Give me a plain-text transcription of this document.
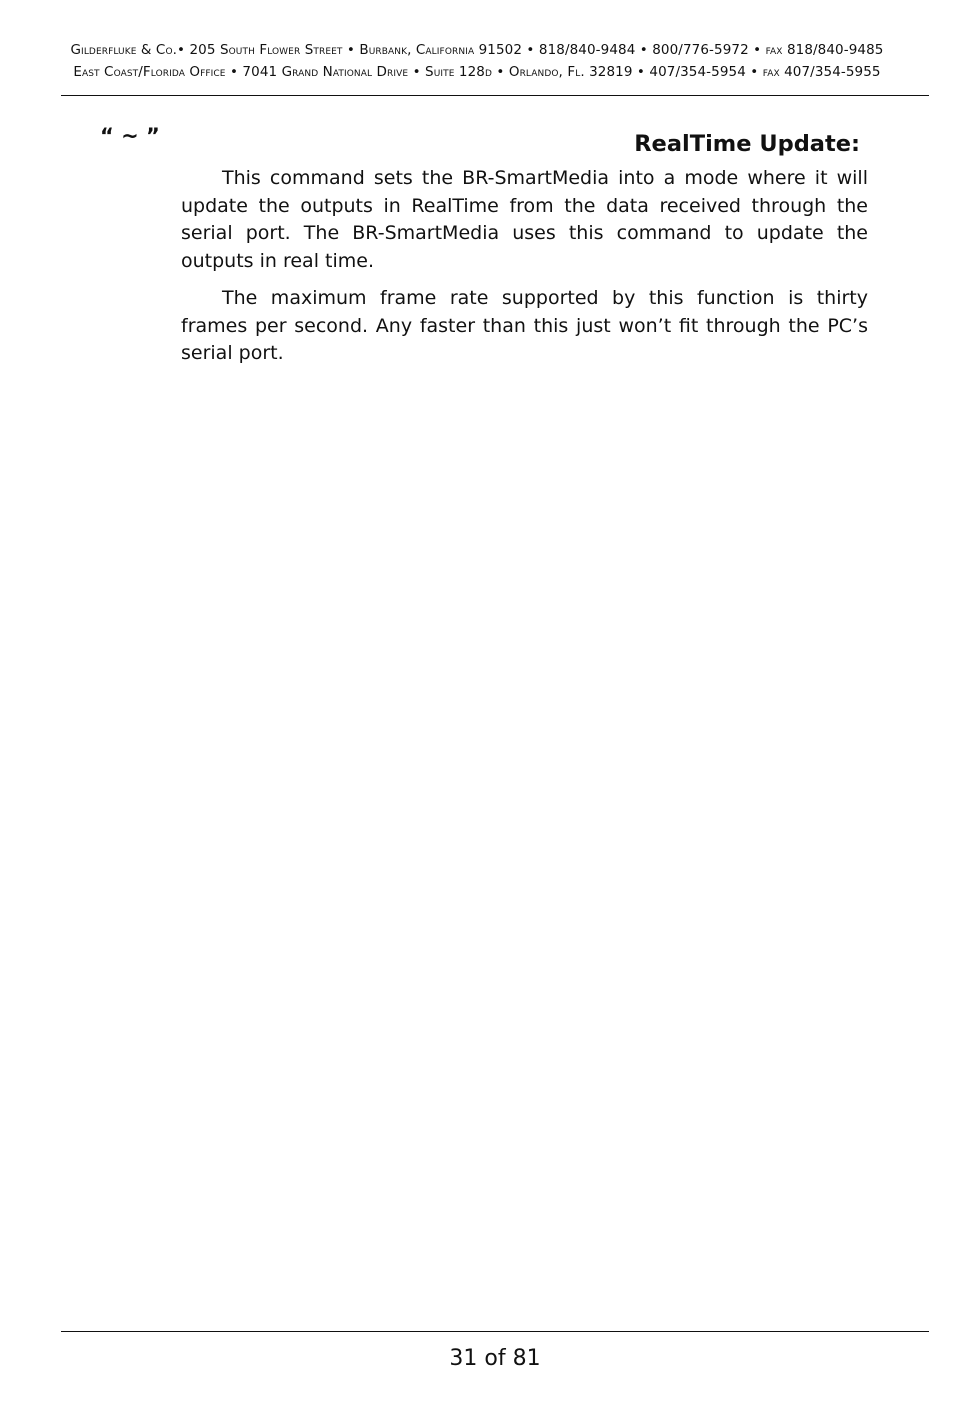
Gilderfluke & Co.• 205 South Flower Street • Burbank, California 91502 • 818/840-9484 • 800/776-5972 • fax 818/840-9485
East Coast/Florida Office • 7041 Grand National Drive • Suite 128d • Orlando, Fl. 32819 • 407/354-5954 • fax 407/354-5955
“ ~ ”	RealTime Update:

This command sets the BR-SmartMedia into a mode where it will update the outputs in RealTime from the data received through the serial port. The BR-SmartMedia uses this command to update the outputs in real time.

The maximum frame rate supported by this function is thirty frames per second. Any faster than this just won’t fit through the PC’s serial port.

31 of 81
